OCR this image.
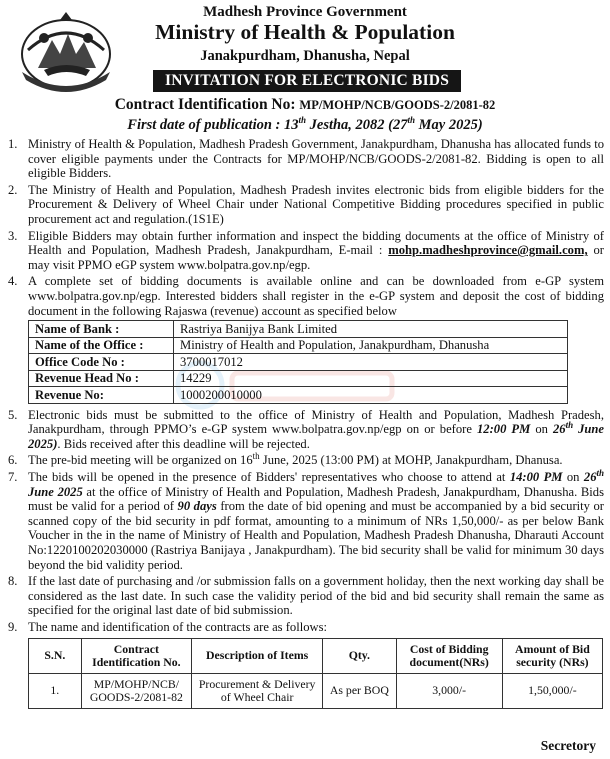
Madhesh Province Government
Ministry of Health & Population
Janakpurdham, Dhanusha, Nepal
INVITATION FOR ELECTRONIC BIDS
Contract Identification No: MP/MOHP/NCB/GOODS-2/2081-82
First date of publication : 13th Jestha, 2082 (27th May 2025)
1. Ministry of Health & Population, Madhesh Pradesh Government, Janakpurdham, Dhanusha has allocated funds to cover eligible payments under the Contracts for MP/MOHP/NCB/GOODS-2/2081-82. Bidding is open to all eligible Bidders.
2. The Ministry of Health and Population, Madhesh Pradesh invites electronic bids from eligible bidders for the Procurement & Delivery of Wheel Chair under National Competitive Bidding procedures specified in public procurement act and regulation.(1S1E)
3. Eligible Bidders may obtain further information and inspect the bidding documents at the office of Ministry of Health and Population, Madhesh Pradesh, Janakpurdham, E-mail : mohp.madheshprovince@gmail.com, or may visit PPMO eGP system www.bolpatra.gov.np/egp.
4. A complete set of bidding documents is available online and can be downloaded from e-GP system www.bolpatra.gov.np/egp. Interested bidders shall register in the e-GP system and deposit the cost of bidding document in the following Rajaswa (revenue) account as specified below
Name of Bank :	Rastriya Banijya Bank Limited
Name of the Office :	Ministry of Health and Population, Janakpurdham, Dhanusha
Office Code No :	3700017012
Revenue Head No :	14229
Revenue No:	1000200010000
5. Electronic bids must be submitted to the office of Ministry of Health and Population, Madhesh Pradesh, Janakpurdham, through PPMO’s e-GP system www.bolpatra.gov.np/egp on or before 12:00 PM on 26th June 2025). Bids received after this deadline will be rejected.
6. The pre-bid meeting will be organized on 16th June, 2025 (13:00 PM) at MOHP, Janakpurdham, Dhanusa.
7. The bids will be opened in the presence of Bidders' representatives who choose to attend at 14:00 PM on 26th June 2025 at the office of Ministry of Health and Population, Madhesh Pradesh, Janakpurdham, Dhanusha. Bids must be valid for a period of 90 days from the date of bid opening and must be accompanied by a bid security or scanned copy of the bid security in pdf format, amounting to a minimum of NRs 1,50,000/- as per below Bank Voucher in the in the name of Ministry of Health and Population, Madhesh Pradesh Dhanusha, Dharauti Account No:1220100202030000 (Rastriya Banijaya , Janakpurdham). The bid security shall be valid for minimum 30 days beyond the bid validity period.
8. If the last date of purchasing and /or submission falls on a government holiday, then the next working day shall be considered as the last date. In such case the validity period of the bid and bid security shall remain the same as specified for the original last date of bid submission.
9. The name and identification of the contracts are as follows:
S.N.	Contract Identification No.	Description of Items	Qty.	Cost of Bidding document(NRs)	Amount of Bid security (NRs)
1.	MP/MOHP/NCB/ GOODS-2/2081-82	Procurement & Delivery of Wheel Chair	As per BOQ	3,000/-	1,50,000/-
Secretory
